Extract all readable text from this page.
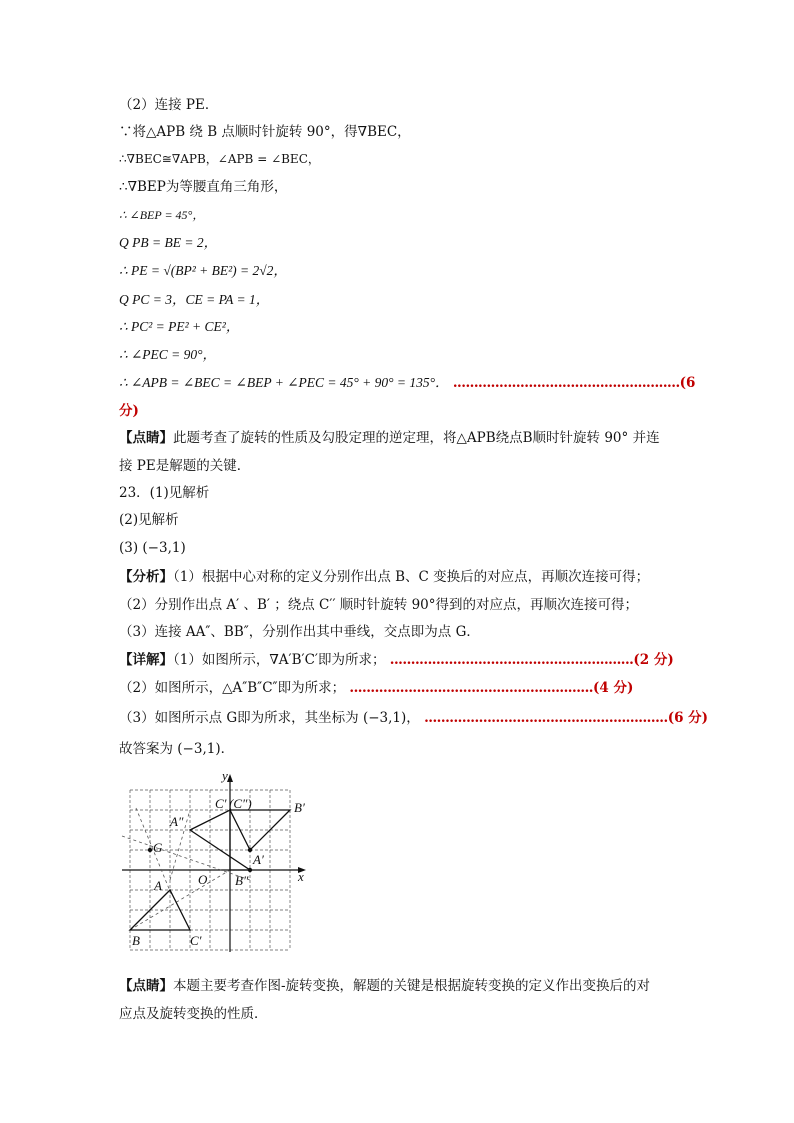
（2）连接 PE．
∵将△APB 绕 B 点顺时针旋转 90°，得∇BEC，
∴∇BEC≅∇APB，∠APB = ∠BEC，
∴∇BEP为等腰直角三角形，
∴ ∠BEP = 45°，
Q PB = BE = 2，
∴ PE = √(BP² + BE²) = 2√2，
Q PC = 3，CE = PA = 1，
∴ PC² = PE² + CE²，
∴ ∠PEC = 90°，
∴ ∠APB = ∠BEC = ∠BEP + ∠PEC = 45° + 90° = 135°． ......................................................(6
分)
【点睛】此题考查了旋转的性质及勾股定理的逆定理，将△APB绕点B顺时针旋转 90° 并连
接 PE是解题的关键．
23．(1)见解析
(2)见解析
(3) (−3,1)
【分析】（1）根据中心对称的定义分别作出点 B、C 变换后的对应点，再顺次连接可得；
（2）分别作出点 A′ 、B′ ；绕点 C′′ 顺时针旋转 90°得到的对应点，再顺次连接可得；
（3）连接 AA″、BB″，分别作出其中垂线，交点即为点 G．
【详解】（1）如图所示，∇A′B′C′即为所求； ..........................................................(2 分)
（2）如图所示，△A″B″C″即为所求； ..........................................................(4 分)
（3）如图所示点 G即为所求，其坐标为 (−3,1)， ..........................................................(6 分)
故答案为 (−3,1)．
y
x
O
C′ (C″)	B′
A″
G
A′
A	B″
B	C′
【点睛】本题主要考查作图-旋转变换，解题的关键是根据旋转变换的定义作出变换后的对
应点及旋转变换的性质．
